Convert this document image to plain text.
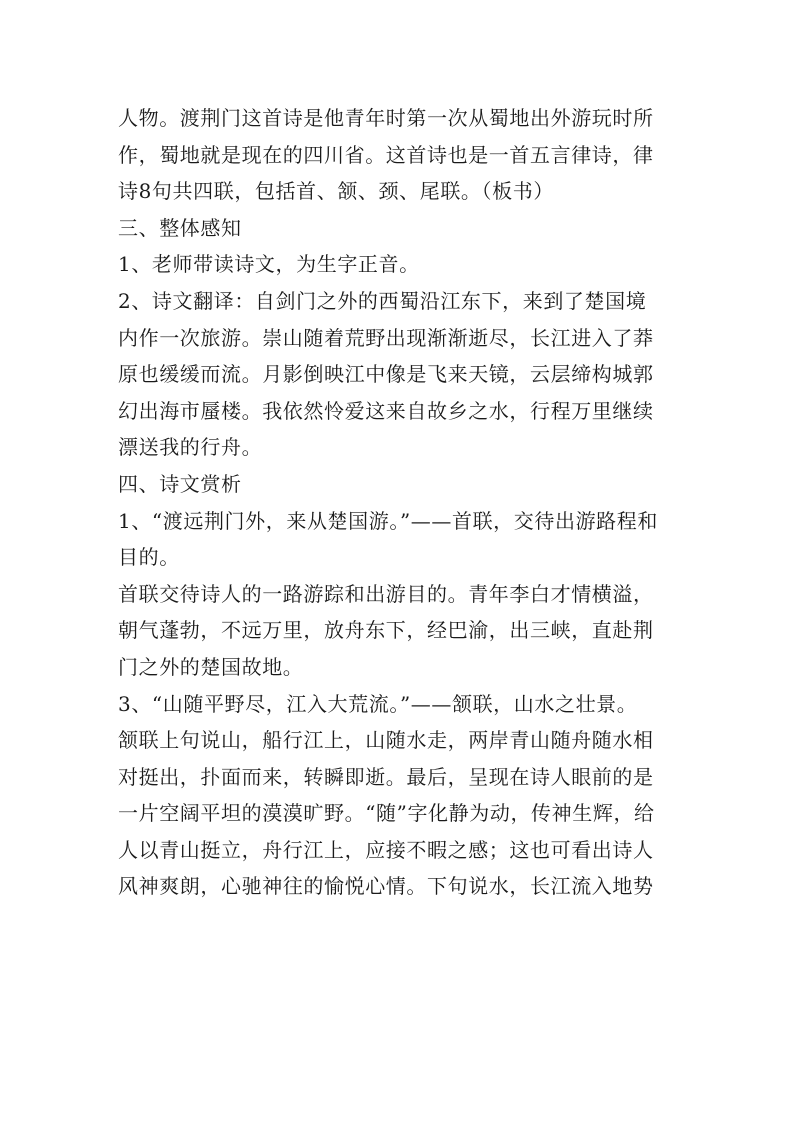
人物。渡荆门这首诗是他青年时第一次从蜀地出外游玩时所
作，蜀地就是现在的四川省。这首诗也是一首五言律诗，律
诗8句共四联，包括首、颔、颈、尾联。（板书）
三、整体感知
1、老师带读诗文，为生字正音。
2、诗文翻译：自剑门之外的西蜀沿江东下，来到了楚国境
内作一次旅游。崇山随着荒野出现渐渐逝尽，长江进入了莽
原也缓缓而流。月影倒映江中像是飞来天镜，云层缔构城郭
幻出海市蜃楼。我依然怜爱这来自故乡之水，行程万里继续
漂送我的行舟。
四、诗文赏析
1、“渡远荆门外，来从楚国游。”——首联，交待出游路程和
目的。
首联交待诗人的一路游踪和出游目的。青年李白才情横溢，
朝气蓬勃，不远万里，放舟东下，经巴渝，出三峡，直赴荆
门之外的楚国故地。
3、“山随平野尽，江入大荒流。”——颔联，山水之壮景。
颔联上句说山，船行江上，山随水走，两岸青山随舟随水相
对挺出，扑面而来，转瞬即逝。最后，呈现在诗人眼前的是
一片空阔平坦的漠漠旷野。“随”字化静为动，传神生辉，给
人以青山挺立，舟行江上，应接不暇之感；这也可看出诗人
风神爽朗，心驰神往的愉悦心情。下句说水，长江流入地势
